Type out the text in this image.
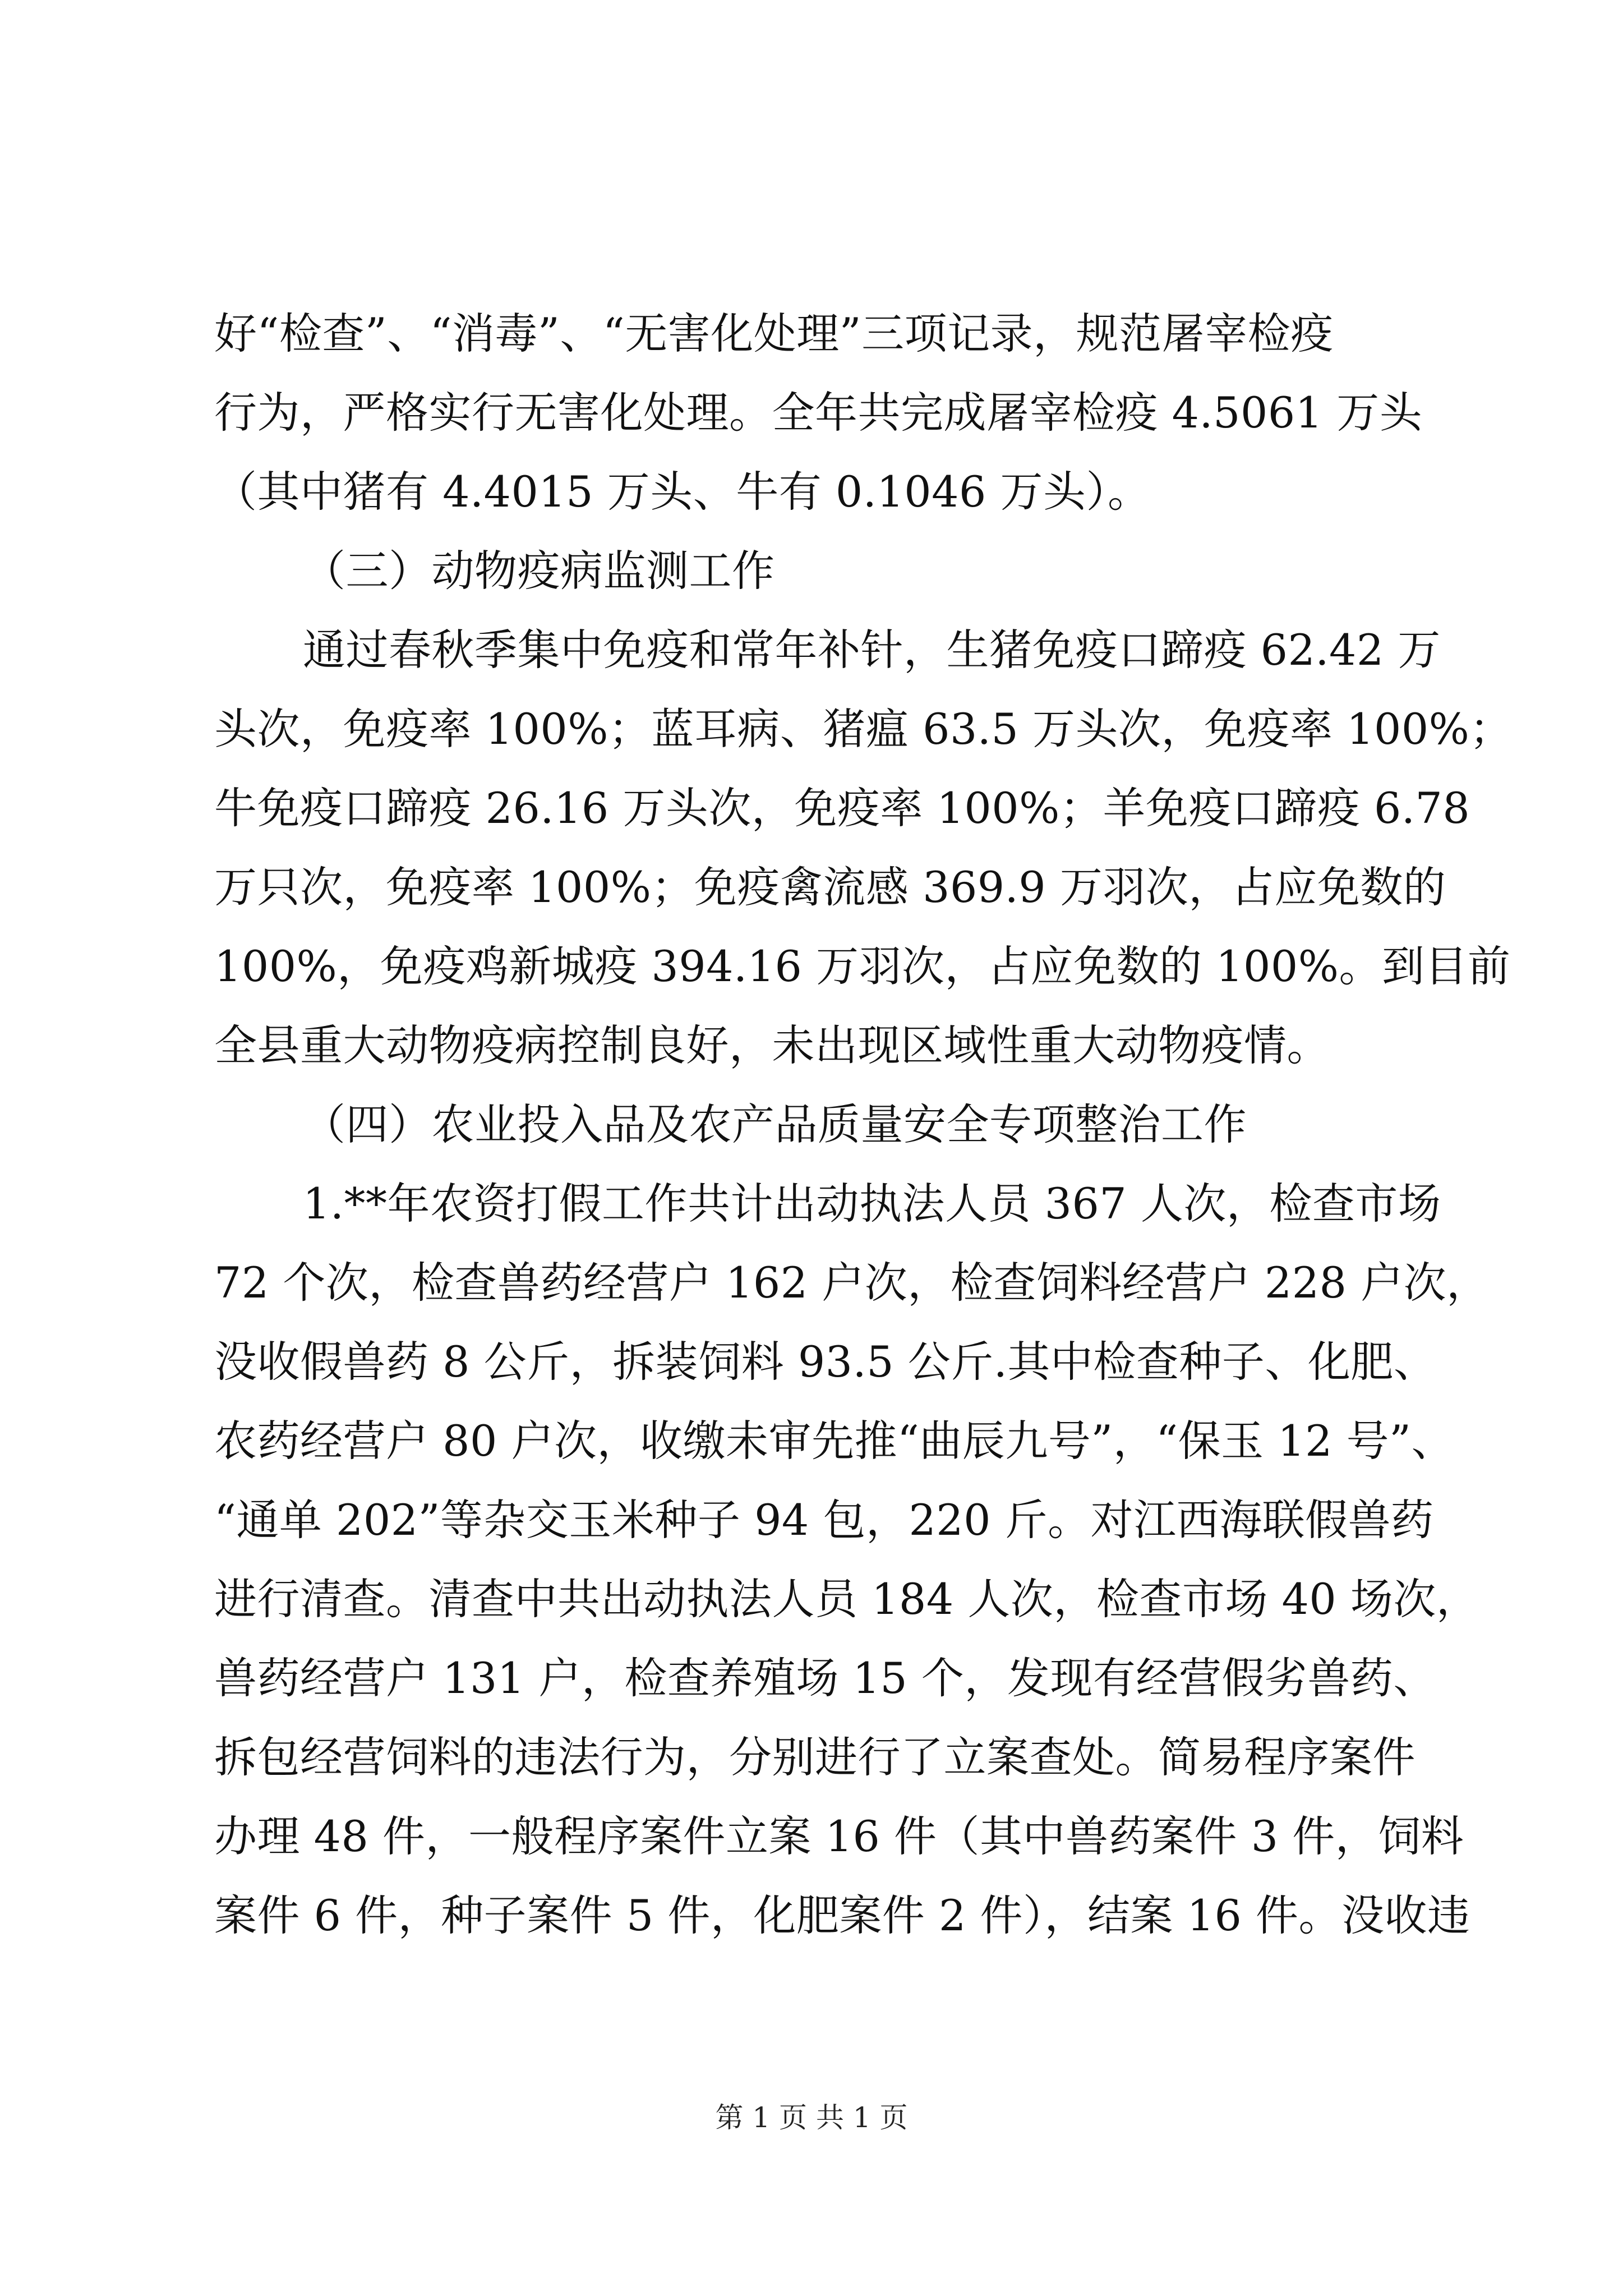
好“检查”、“消毒”、“无害化处理”三项记录，规范屠宰检疫
行为，严格实行无害化处理。全年共完成屠宰检疫 4.5061 万头
（其中猪有 4.4015 万头、牛有 0.1046 万头）。
（三）动物疫病监测工作
通过春秋季集中免疫和常年补针，生猪免疫口蹄疫 62.42 万
头次，免疫率 100%；蓝耳病、猪瘟 63.5 万头次，免疫率 100%；
牛免疫口蹄疫 26.16 万头次，免疫率 100%；羊免疫口蹄疫 6.78
万只次，免疫率 100%；免疫禽流感 369.9 万羽次，占应免数的
100%，免疫鸡新城疫 394.16 万羽次，占应免数的 100%。到目前
全县重大动物疫病控制良好，未出现区域性重大动物疫情。
（四）农业投入品及农产品质量安全专项整治工作
1.**年农资打假工作共计出动执法人员 367 人次，检查市场
72 个次，检查兽药经营户 162 户次，检查饲料经营户 228 户次，
没收假兽药 8 公斤，拆装饲料 93.5 公斤.其中检查种子、化肥、
农药经营户 80 户次，收缴未审先推“曲辰九号”，“保玉 12 号”、
“通单 202”等杂交玉米种子 94 包，220 斤。对江西海联假兽药
进行清查。清查中共出动执法人员 184 人次，检查市场 40 场次，
兽药经营户 131 户，检查养殖场 15 个，发现有经营假劣兽药、
拆包经营饲料的违法行为，分别进行了立案查处。简易程序案件
办理 48 件，一般程序案件立案 16 件（其中兽药案件 3 件，饲料
案件 6 件，种子案件 5 件，化肥案件 2 件），结案 16 件。没收违
第 1 页 共 1 页
